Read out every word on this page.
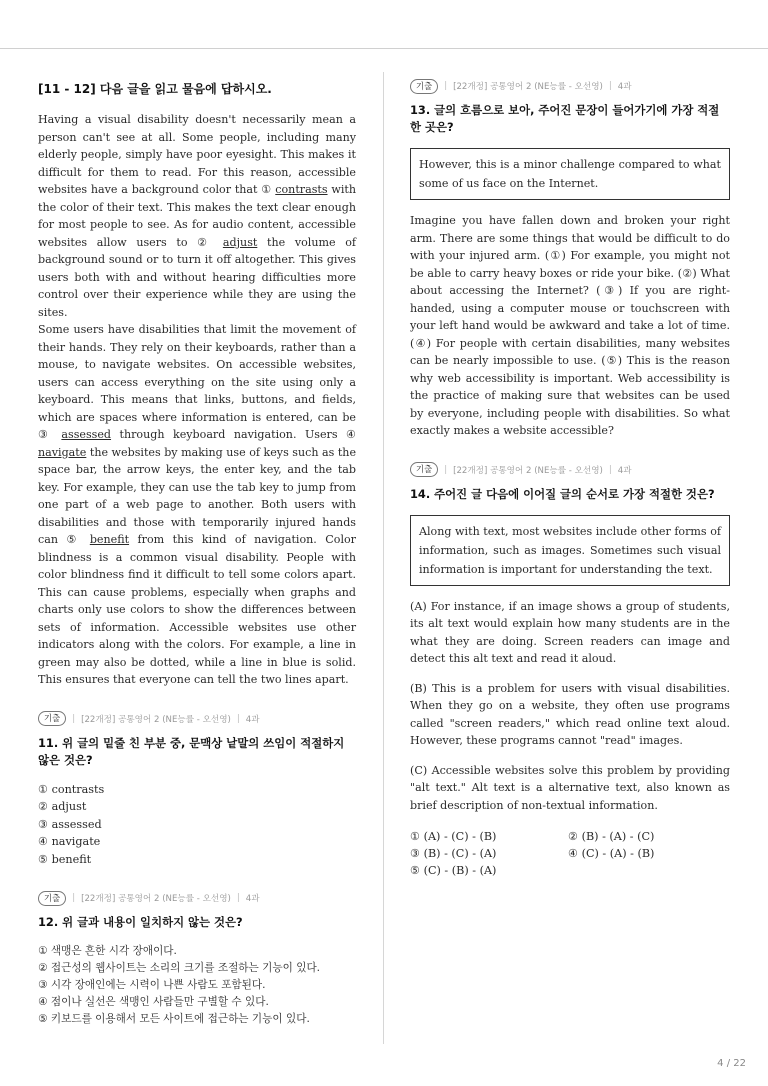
[11 - 12] 다음 글을 읽고 물음에 답하시오.

Having a visual disability doesn't necessarily mean a person can't see at all. Some people, including many elderly people, simply have poor eyesight. This makes it difficult for them to read. For this reason, accessible websites have a background color that ① contrasts with the color of their text. This makes the text clear enough for most people to see. As for audio content, accessible websites allow users to ② adjust the volume of background sound or to turn it off altogether. This gives users both with and without hearing difficulties more control over their experience while they are using the sites.

Some users have disabilities that limit the movement of their hands. They rely on their keyboards, rather than a mouse, to navigate websites. On accessible websites, users can access everything on the site using only a keyboard. This means that links, buttons, and fields, which are spaces where information is entered, can be ③ assessed through keyboard navigation. Users ④ navigate the websites by making use of keys such as the space bar, the arrow keys, the enter key, and the tab key. For example, they can use the tab key to jump from one part of a web page to another. Both users with disabilities and those with temporarily injured hands can ⑤ benefit from this kind of navigation. Color blindness is a common visual disability. People with color blindness find it difficult to tell some colors apart. This can cause problems, especially when graphs and charts only use colors to show the differences between sets of information. Accessible websites use other indicators along with the colors. For example, a line in green may also be dotted, while a line in blue is solid. This ensures that everyone can tell the two lines apart.

기출	| [22개정] 공통영어 2 (NE능률 - 오선영) | 4과
11. 위 글의 밑줄 친 부분 중, 문맥상 낱말의 쓰임이 적절하지 않은 것은?
① contrasts
② adjust
③ assessed
④ navigate
⑤ benefit
기출	| [22개정] 공통영어 2 (NE능률 - 오선영) | 4과
12. 위 글과 내용이 일치하지 않는 것은?
① 색맹은 흔한 시각 장애이다.
② 접근성의 웹사이트는 소리의 크기를 조절하는 기능이 있다.
③ 시각 장애인에는 시력이 나쁜 사람도 포함된다.
④ 점이나 실선은 색맹인 사람들만 구별할 수 있다.
⑤ 키보드를 이용해서 모든 사이트에 접근하는 기능이 있다.
기출	| [22개정] 공통영어 2 (NE능률 - 오선영) | 4과
13. 글의 흐름으로 보아, 주어진 문장이 들어가기에 가장 적절한 곳은?
However, this is a minor challenge compared to what some of us face on the Internet.
Imagine you have fallen down and broken your right arm. There are some things that would be difficult to do with your injured arm. (①) For example, you might not be able to carry heavy boxes or ride your bike. (②) What about accessing the Internet? (③) If you are right-handed, using a computer mouse or touchscreen with your left hand would be awkward and take a lot of time. (④) For people with certain disabilities, many websites can be nearly impossible to use. (⑤) This is the reason why web accessibility is important. Web accessibility is the practice of making sure that websites can be used by everyone, including people with disabilities. So what exactly makes a website accessible?
기출	| [22개정] 공통영어 2 (NE능률 - 오선영) | 4과
14. 주어진 글 다음에 이어질 글의 순서로 가장 적절한 것은?
Along with text, most websites include other forms of information, such as images. Sometimes such visual information is important for understanding the text.
(A) For instance, if an image shows a group of students, its alt text would explain how many students are in the what they are doing. Screen readers can image and detect this alt text and read it aloud.
(B) This is a problem for users with visual disabilities. When they go on a website, they often use programs called "screen readers," which read online text aloud. However, these programs cannot "read" images.
(C) Accessible websites solve this problem by providing "alt text." Alt text is a alternative text, also known as brief description of non-textual information.
① (A) - (C) - (B)	② (B) - (A) - (C)
③ (B) - (C) - (A)	④ (C) - (A) - (B)
⑤ (C) - (B) - (A)
4 / 22
